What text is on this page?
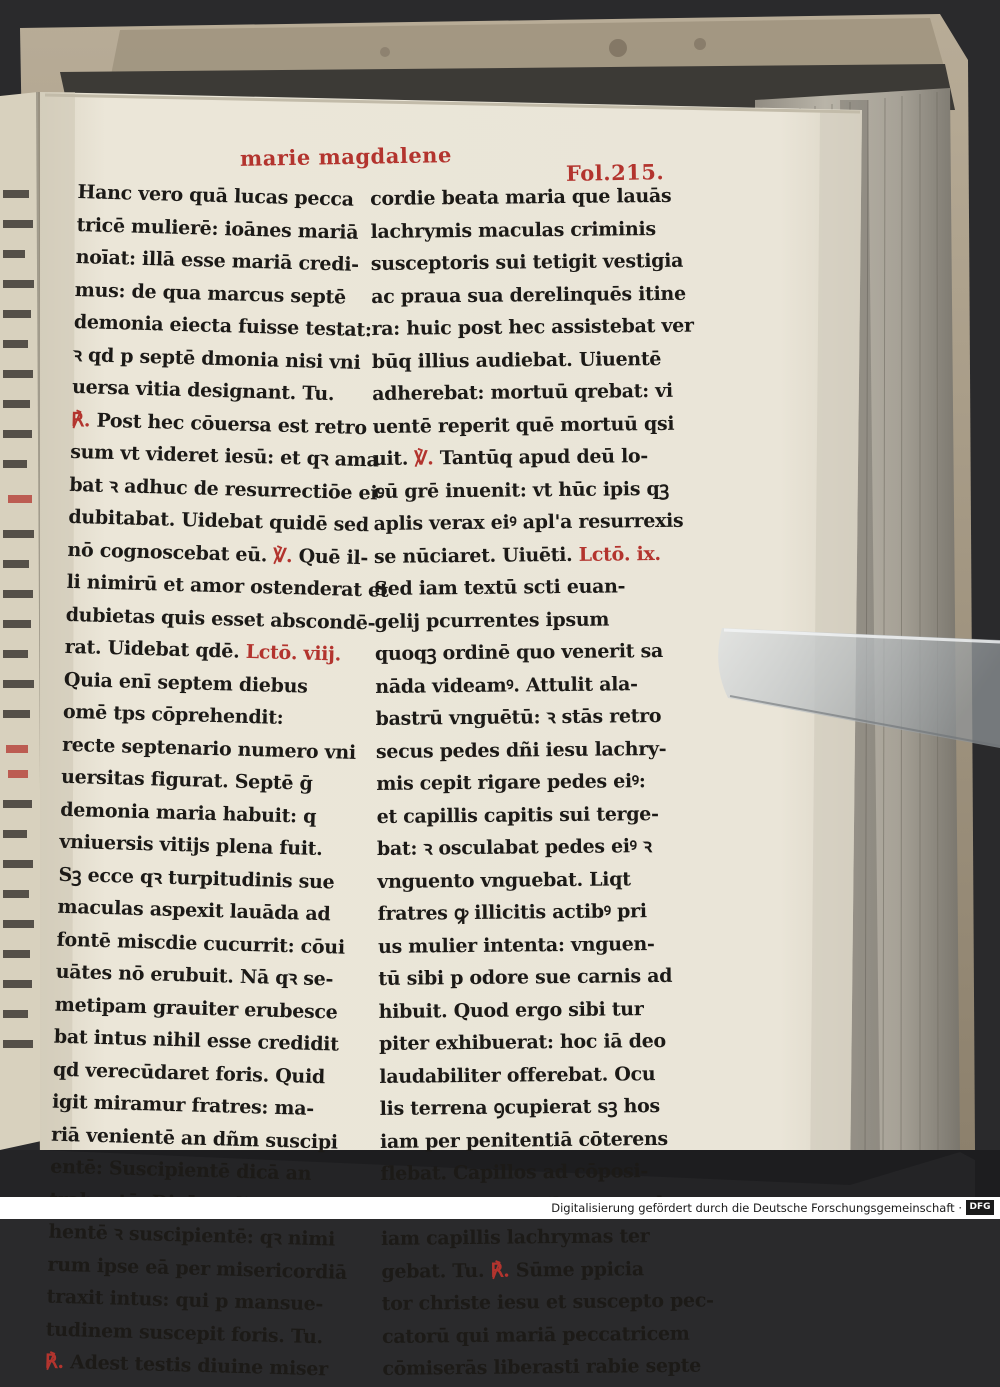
marie magdalene
Fol.215.
Hanc vero quā lucas pecca
tricē mulierē: ioānes mariā
noīat: illā esse mariā credi-
mus: de qua marcus septē
demonia eiecta fuisse testat:
ꝛ qd p septē dmonia nisi vni
uersa vitia designant. Tu.
℟. Post hec cōuersa est retro
sum vt videret iesū: et qꝛ ama
bat ꝛ adhuc de resurrectiōe eiꝰ
dubitabat. Uidebat quidē sed
nō cognoscebat eū. ℣. Quē il-
li nimirū et amor ostenderat et
dubietas quis esset abscondē-
rat. Uidebat qdē. Lctō. viij.
Quia enī septem diebus
omē tps cōprehendit:
recte septenario numero vni
uersitas figurat. Septē ḡ
demonia maria habuit: q
vniuersis vitijs plena fuit.
Sꝫ ecce qꝛ turpitudinis sue
maculas aspexit lauāda ad
fontē miscdie cucurrit: cōui
uātes nō erubuit. Nā qꝛ se-
metipam grauiter erubesce
bat intus nihil esse credidit
qd verecūdaret foris. Quid
igit miramur fratres: ma-
riā venientē an dñm suscipi
entē: Suscipientē dicā an
hentē ꝛ suscipientē: qꝛ nimi
rum ipse eā per misericordiā
traxit intus: qui p mansue-
tudinem suscepit foris. Tu.
℟. Adest testis diuine miser
cordie beata maria que lauās
lachrymis maculas criminis
susceptoris sui tetigit vestigia
ac praua sua derelinquēs itine
ra: huic post hec assistebat ver
būq illius audiebat. Uiuentē
adherebat: mortuū qrebat: vi
uentē reperit quē mortuū qsi
uit. ℣. Tantūq apud deū lo-
cū grē inuenit: vt hūc ipis qꝫ
aplis verax eiꝰ apl'a resurrexis
se nūciaret. Uiuēti. Lctō. ix.
Sed iam textū scti euan-
gelij pcurrentes ipsum
quoqꝫ ordinē quo venerit sa
nāda videamꝰ. Attulit ala-
bastrū vnguētū: ꝛ stās retro
secus pedes dñi iesu lachry-
mis cepit rigare pedes eiꝰ:
et capillis capitis sui terge-
bat: ꝛ osculabat pedes eiꝰ ꝛ
vnguento vnguebat. Liqt
fratres ꝙ illicitis actibꝰ pri
us mulier intenta: vnguen-
tū sibi p odore sue carnis ad
hibuit. Quod ergo sibi tur
piter exhibuerat: hoc iā deo
laudabiliter offerebat. Ocu
lis terrena ꝯcupierat sꝫ hos
iam per penitentiā cōterens
flebat. Capillos ad cōposi-
iam capillis lachrymas ter
gebat. Tu. ℟. Sūme ppicia
tor christe iesu et suscepto pec-
catorū qui mariā peccatricem
cōmiserās liberasti rabie septe
Digitalisierung gefördert durch die Deutsche Forschungsgemeinschaft · DFG
